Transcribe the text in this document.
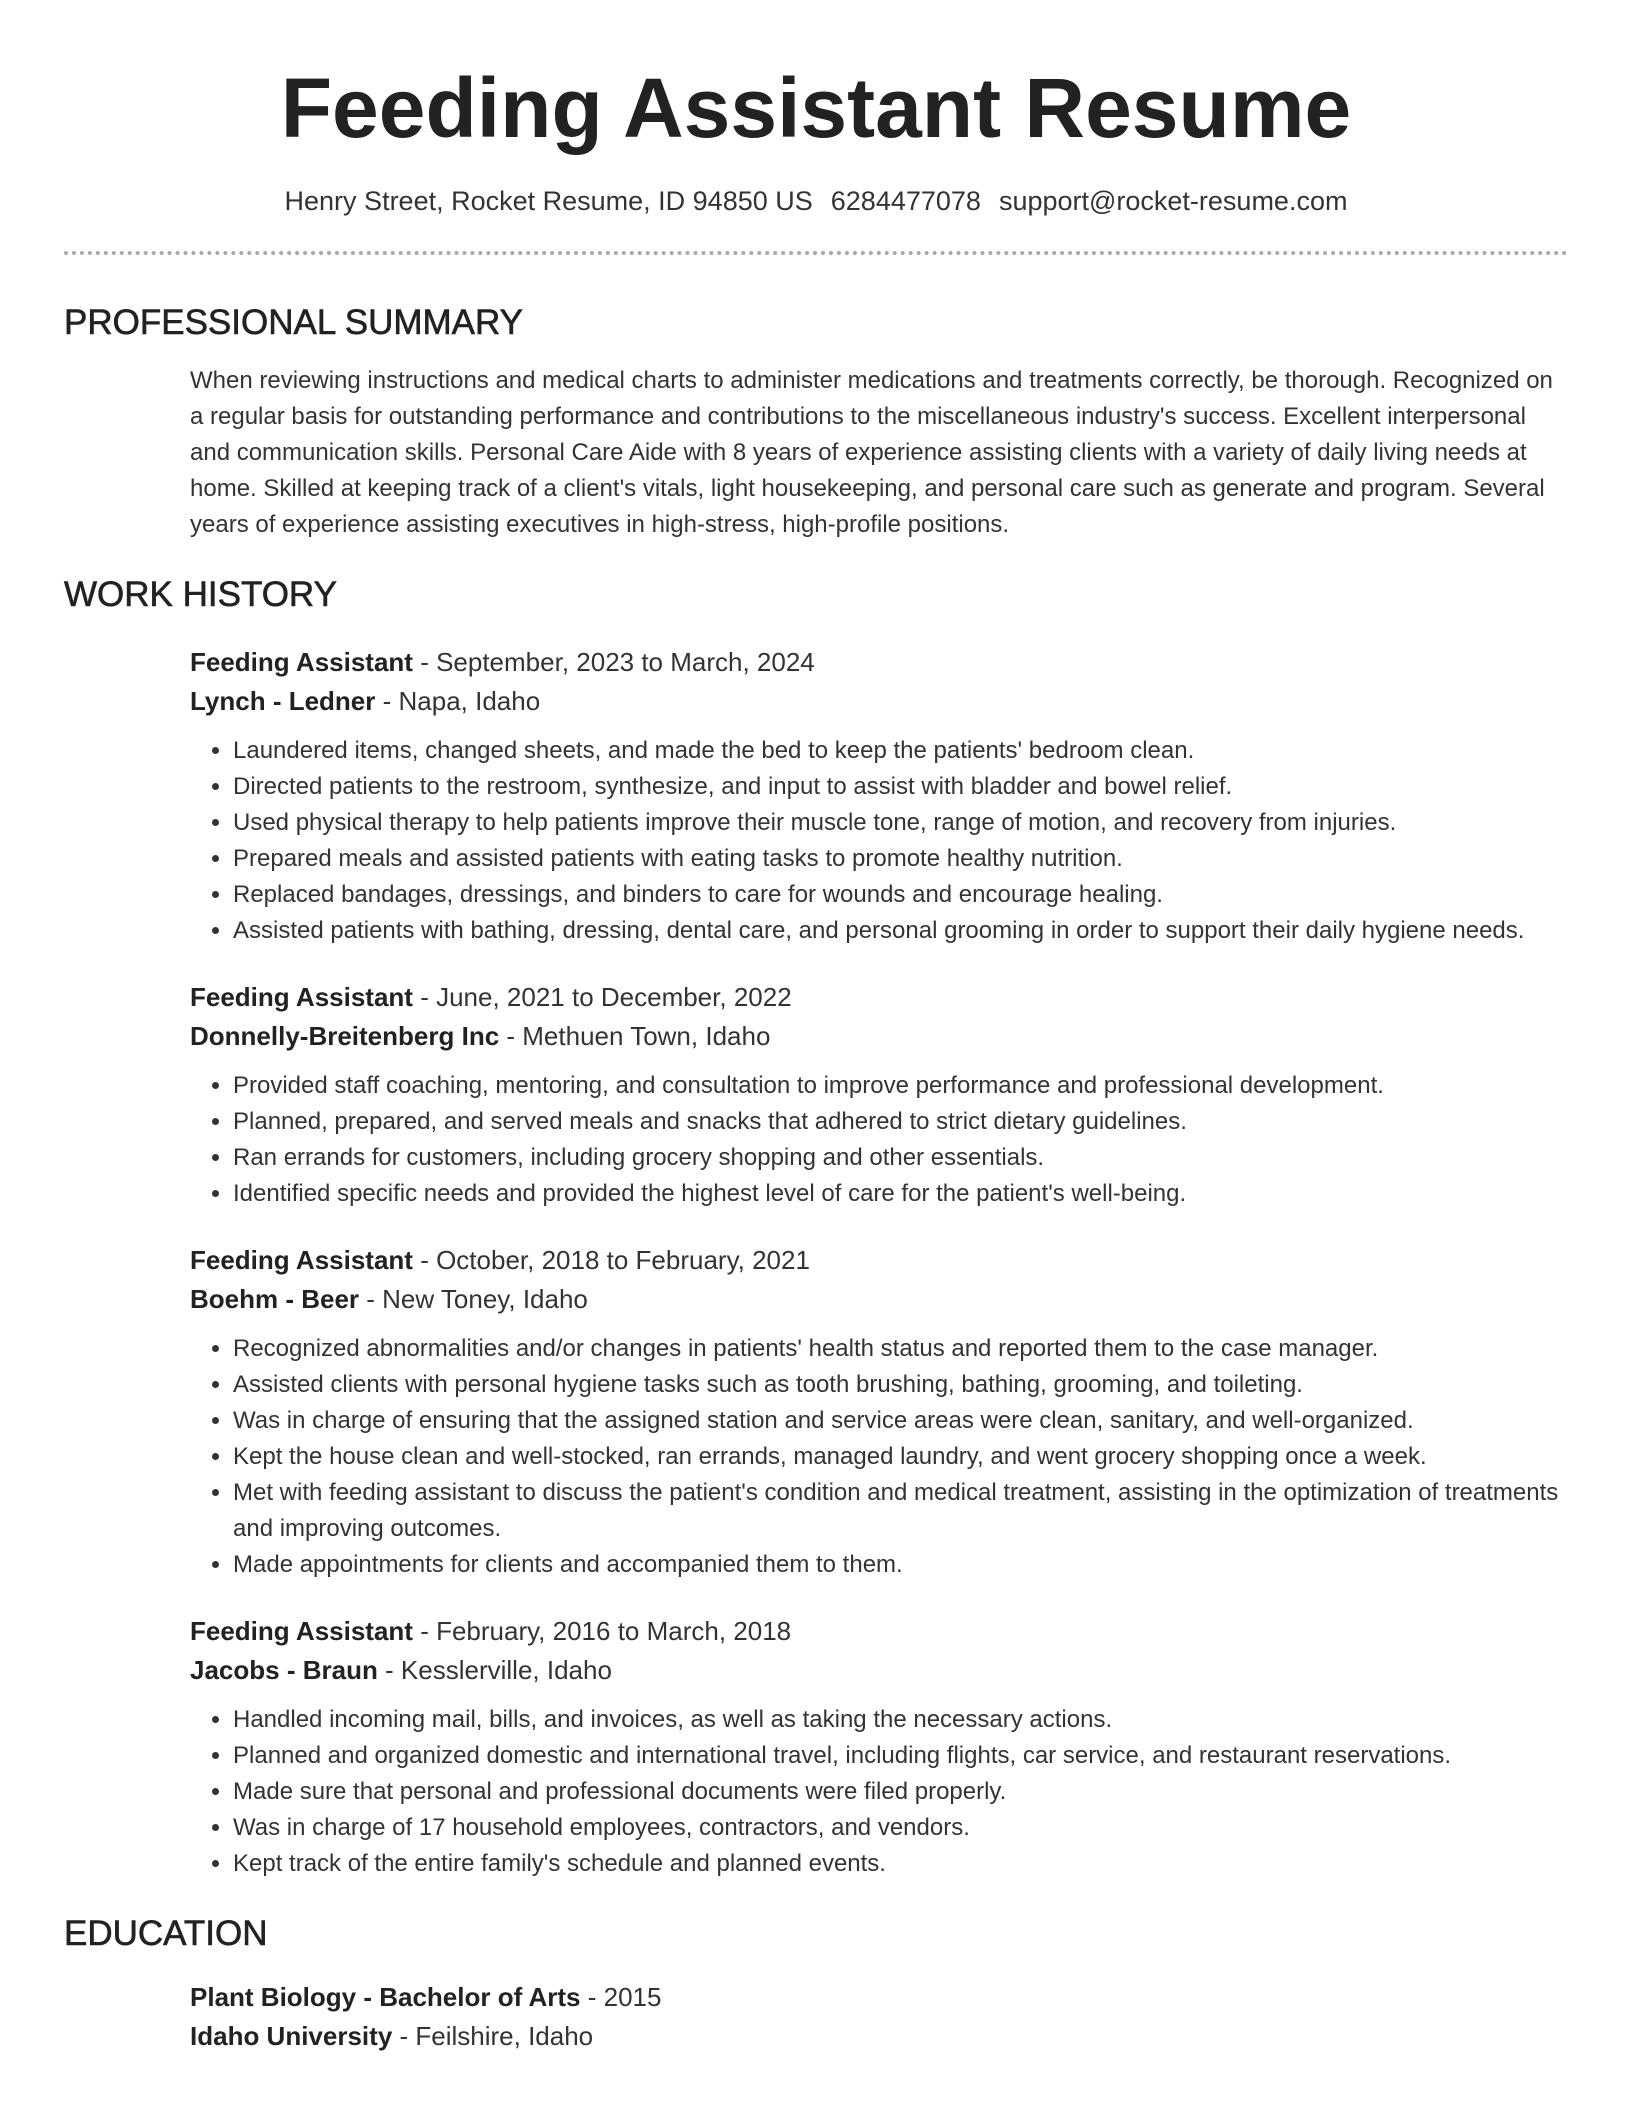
Feeding Assistant Resume
Henry Street, Rocket Resume, ID 94850 US 6284477078 support@rocket-resume.com
PROFESSIONAL SUMMARY

When reviewing instructions and medical charts to administer medications and treatments correctly, be thorough. Recognized on a regular basis for outstanding performance and contributions to the miscellaneous industry's success. Excellent interpersonal and communication skills. Personal Care Aide with 8 years of experience assisting clients with a variety of daily living needs at home. Skilled at keeping track of a client's vitals, light housekeeping, and personal care such as generate and program. Several years of experience assisting executives in high-stress, high-profile positions.

WORK HISTORY
Feeding Assistant - September, 2023 to March, 2024
Lynch - Ledner - Napa, Idaho
• Laundered items, changed sheets, and made the bed to keep the patients' bedroom clean.
• Directed patients to the restroom, synthesize, and input to assist with bladder and bowel relief.
• Used physical therapy to help patients improve their muscle tone, range of motion, and recovery from injuries.
• Prepared meals and assisted patients with eating tasks to promote healthy nutrition.
• Replaced bandages, dressings, and binders to care for wounds and encourage healing.
• Assisted patients with bathing, dressing, dental care, and personal grooming in order to support their daily hygiene needs.
Feeding Assistant - June, 2021 to December, 2022
Donnelly-Breitenberg Inc - Methuen Town, Idaho
• Provided staff coaching, mentoring, and consultation to improve performance and professional development.
• Planned, prepared, and served meals and snacks that adhered to strict dietary guidelines.
• Ran errands for customers, including grocery shopping and other essentials.
• Identified specific needs and provided the highest level of care for the patient's well-being.
Feeding Assistant - October, 2018 to February, 2021
Boehm - Beer - New Toney, Idaho
• Recognized abnormalities and/or changes in patients' health status and reported them to the case manager.
• Assisted clients with personal hygiene tasks such as tooth brushing, bathing, grooming, and toileting.
• Was in charge of ensuring that the assigned station and service areas were clean, sanitary, and well-organized.
• Kept the house clean and well-stocked, ran errands, managed laundry, and went grocery shopping once a week.
• Met with feeding assistant to discuss the patient's condition and medical treatment, assisting in the optimization of treatments and improving outcomes.
• Made appointments for clients and accompanied them to them.
Feeding Assistant - February, 2016 to March, 2018
Jacobs - Braun - Kesslerville, Idaho
• Handled incoming mail, bills, and invoices, as well as taking the necessary actions.
• Planned and organized domestic and international travel, including flights, car service, and restaurant reservations.
• Made sure that personal and professional documents were filed properly.
• Was in charge of 17 household employees, contractors, and vendors.
• Kept track of the entire family's schedule and planned events.
EDUCATION
Plant Biology - Bachelor of Arts - 2015
Idaho University - Feilshire, Idaho
